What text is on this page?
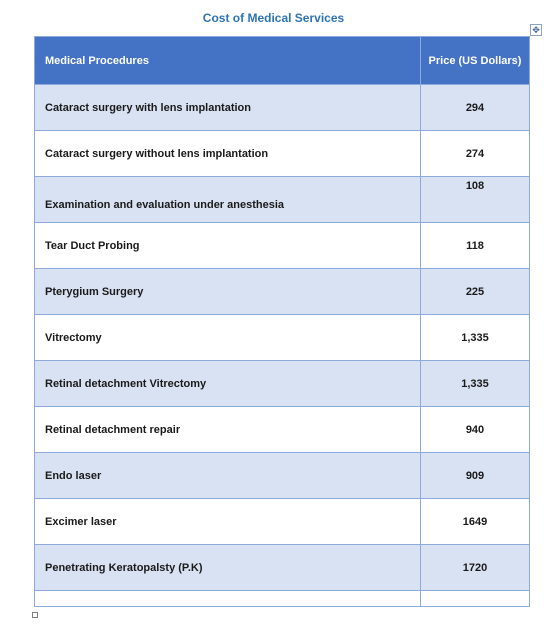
Cost of Medical Services
✥
Medical Procedures	Price (US Dollars)
Cataract surgery with lens implantation	294
Cataract surgery without lens implantation	274
Examination and evaluation under anesthesia	108
Tear Duct Probing	118
Pterygium Surgery	225
Vitrectomy	1,335
Retinal detachment Vitrectomy	1,335
Retinal detachment repair	940
Endo laser	909
Excimer laser	1649
Penetrating Keratopalsty (P.K)	1720
